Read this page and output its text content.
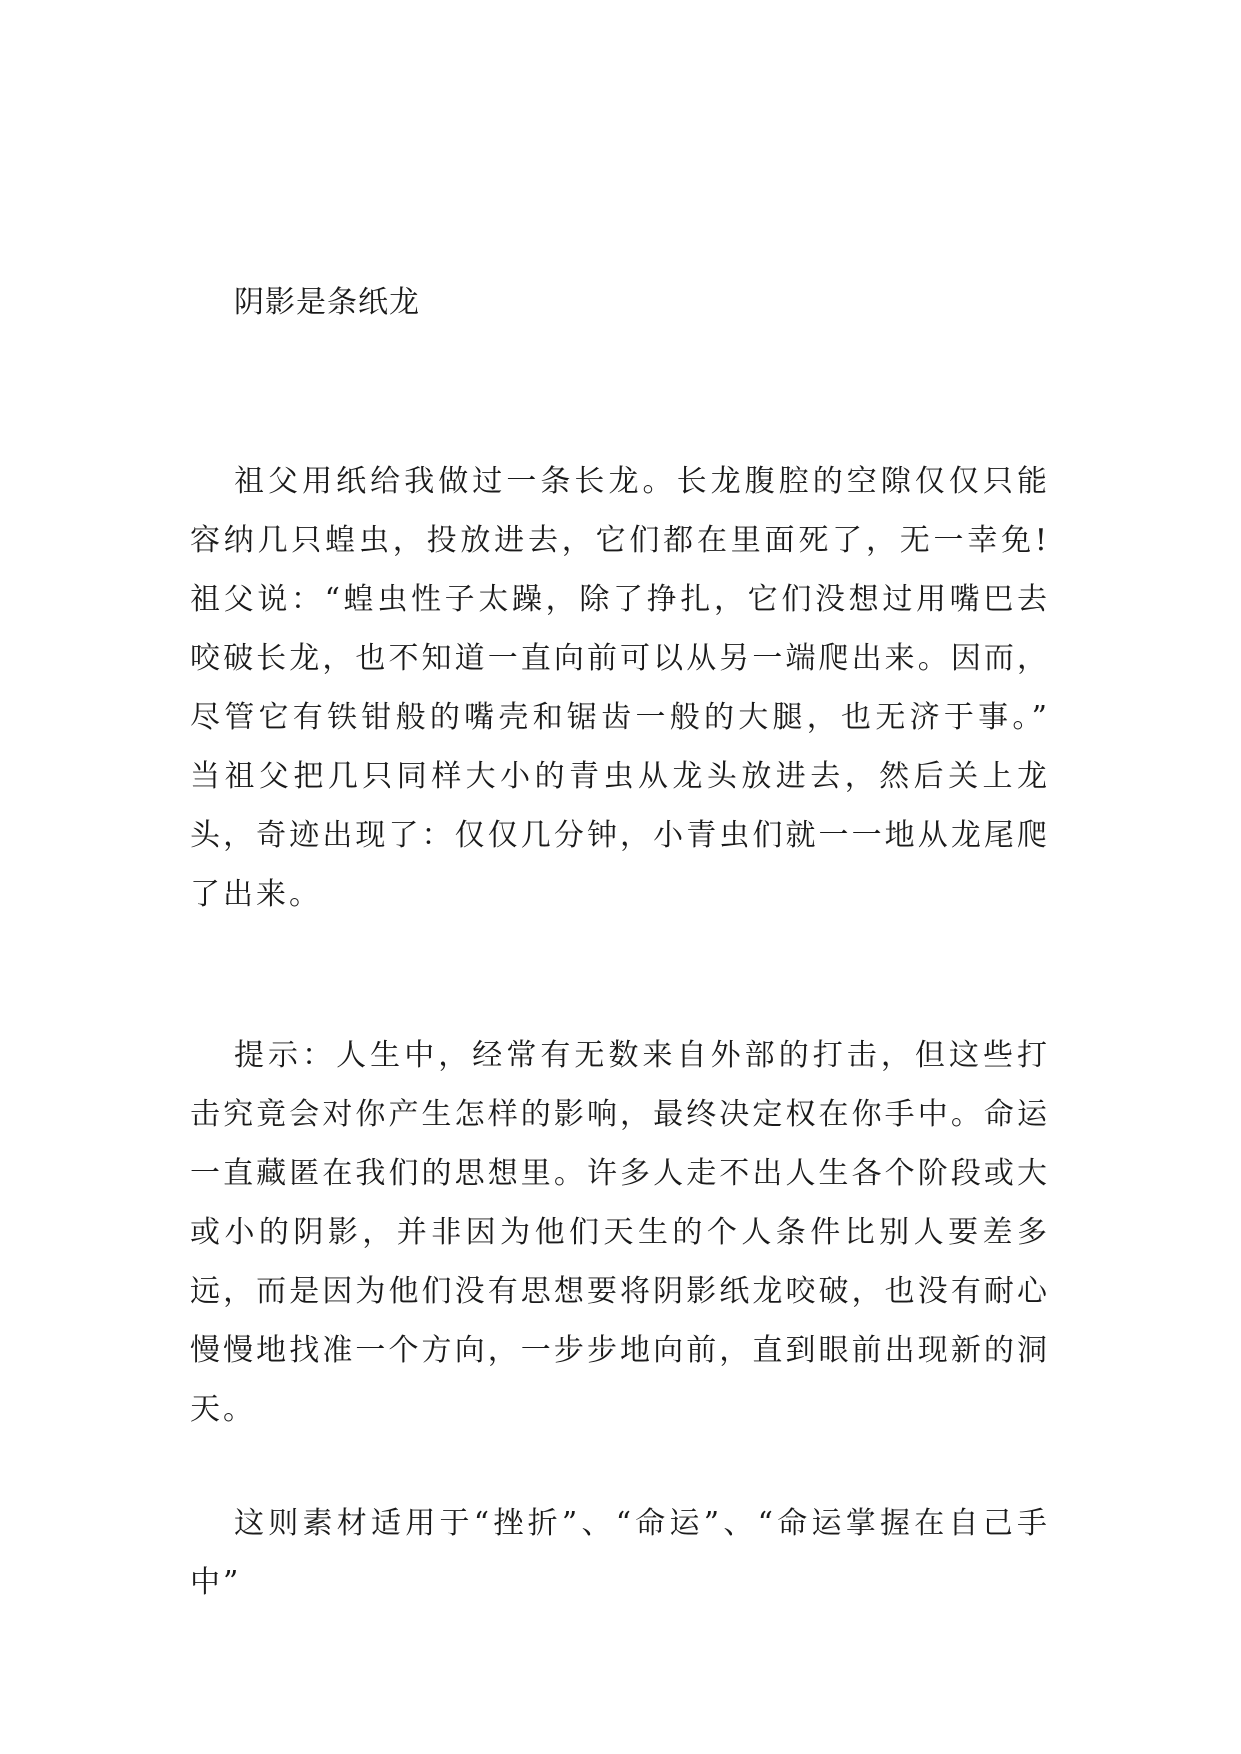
阴影是条纸龙

祖父用纸给我做过一条长龙。长龙腹腔的空隙仅仅只能容纳几只蝗虫，投放进去，它们都在里面死了，无一幸免!祖父说：“蝗虫性子太躁，除了挣扎，它们没想过用嘴巴去咬破长龙，也不知道一直向前可以从另一端爬出来。因而，尽管它有铁钳般的嘴壳和锯齿一般的大腿，也无济于事。” 当祖父把几只同样大小的青虫从龙头放进去，然后关上龙头，奇迹出现了：仅仅几分钟，小青虫们就一一地从龙尾爬了出来。

提示：人生中，经常有无数来自外部的打击，但这些打击究竟会对你产生怎样的影响，最终决定权在你手中。命运一直藏匿在我们的思想里。许多人走不出人生各个阶段或大或小的阴影，并非因为他们天生的个人条件比别人要差多远，而是因为他们没有思想要将阴影纸龙咬破，也没有耐心慢慢地找准一个方向，一步步地向前，直到眼前出现新的洞天。

这则素材适用于“挫折”、“命运”、“命运掌握在自己手中”
